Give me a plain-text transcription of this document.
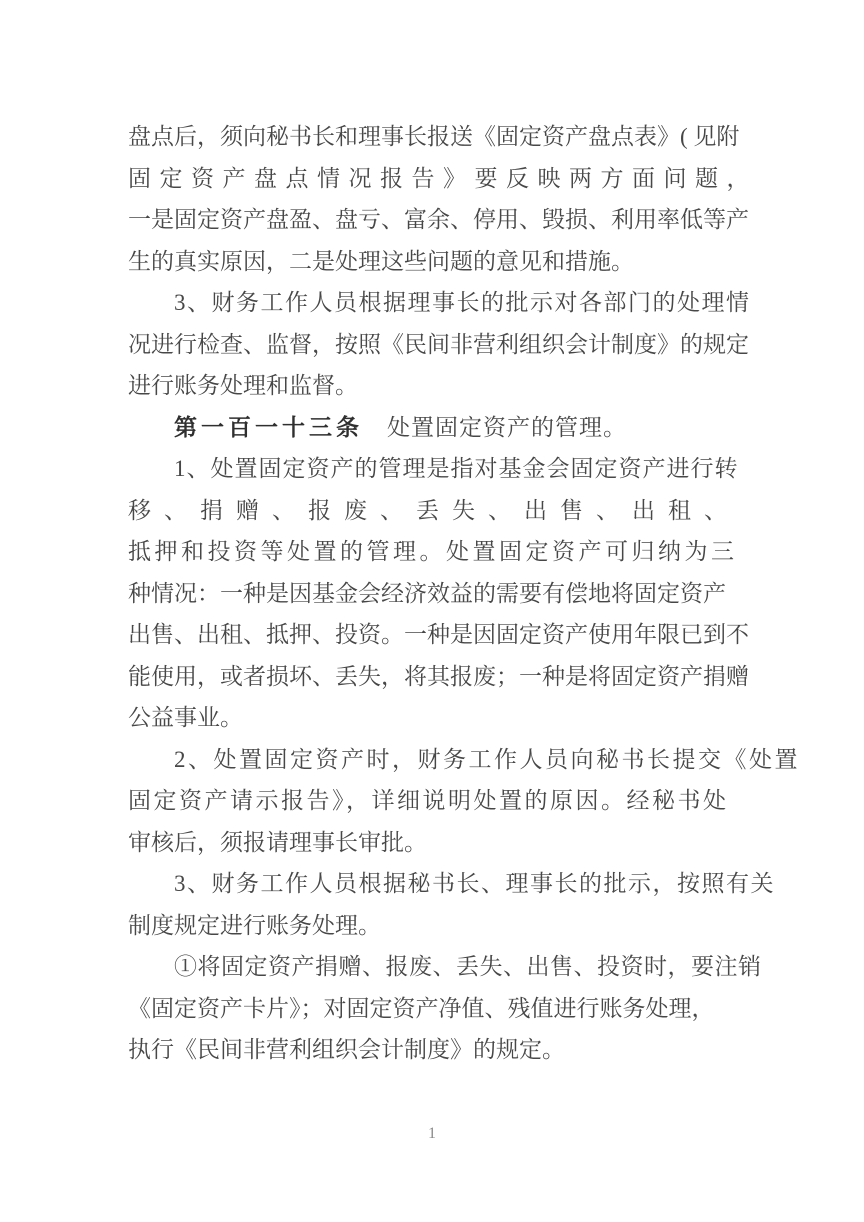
盘点后，须向秘书长和理事长报送《固定资产盘点表》( 见附
固定资产盘点情况报告》要反映两方面问题，
一是固定资产盘盈、盘亏、富余、停用、毁损、利用率低等产
生的真实原因，二是处理这些问题的意见和措施。
3、财务工作人员根据理事长的批示对各部门的处理情
况进行检查、监督，按照《民间非营利组织会计制度》的规定
进行账务处理和监督。
第一百一十三条 处置固定资产的管理。
1、处置固定资产的管理是指对基金会固定资产进行转
移、捐赠、报废、丢失、出售、出租、
抵押和投资等处置的管理。处置固定资产可归纳为三
种情况：一种是因基金会经济效益的需要有偿地将固定资产
出售、出租、抵押、投资。一种是因固定资产使用年限已到不
能使用，或者损坏、丢失，将其报废；一种是将固定资产捐赠
公益事业。
2、处置固定资产时，财务工作人员向秘书长提交《处置
固定资产请示报告》，详细说明处置的原因。经秘书处
审核后，须报请理事长审批。
3、财务工作人员根据秘书长、理事长的批示，按照有关
制度规定进行账务处理。
①将固定资产捐赠、报废、丢失、出售、投资时，要注销
《固定资产卡片》；对固定资产净值、残值进行账务处理，
执行《民间非营利组织会计制度》的规定。
1
